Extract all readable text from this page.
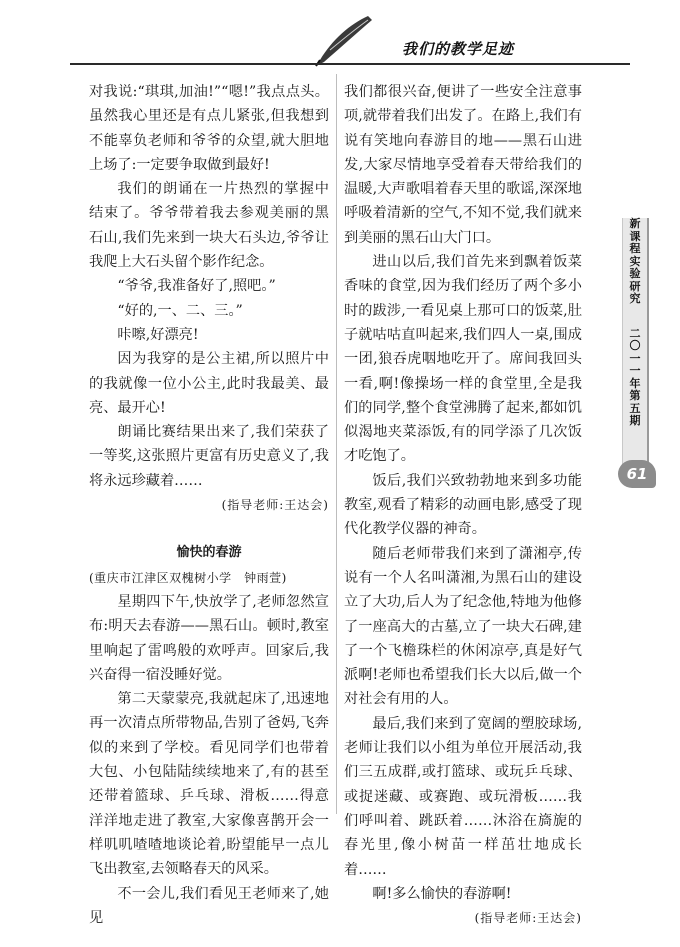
我们的教学足迹

对我说:“琪琪,加油!”“嗯!”我点点头。虽然我心里还是有点儿紧张,但我想到不能辜负老师和爷爷的众望,就大胆地上场了:一定要争取做到最好!

我们的朗诵在一片热烈的掌握中结束了。爷爷带着我去参观美丽的黑石山,我们先来到一块大石头边,爷爷让我爬上大石头留个影作纪念。

“爷爷,我准备好了,照吧。”

“好的,一、二、三。”

咔嚓,好漂亮!

因为我穿的是公主裙,所以照片中的我就像一位小公主,此时我最美、最亮、最开心!

朗诵比赛结果出来了,我们荣获了一等奖,这张照片更富有历史意义了,我将永远珍藏着……

(指导老师:王达会)

愉快的春游

(重庆市江津区双槐树小学　钟雨萱)

星期四下午,快放学了,老师忽然宣布:明天去春游——黑石山。顿时,教室里响起了雷鸣般的欢呼声。回家后,我兴奋得一宿没睡好觉。

第二天蒙蒙亮,我就起床了,迅速地再一次清点所带物品,告别了爸妈,飞奔似的来到了学校。看见同学们也带着大包、小包陆陆续续地来了,有的甚至还带着篮球、乒乓球、滑板……得意洋洋地走进了教室,大家像喜鹊开会一样叽叽喳喳地谈论着,盼望能早一点儿飞出教室,去领略春天的风采。

不一会儿,我们看见王老师来了,她见

我们都很兴奋,便讲了一些安全注意事项,就带着我们出发了。在路上,我们有说有笑地向春游目的地——黑石山进发,大家尽情地享受着春天带给我们的温暖,大声歌唱着春天里的歌谣,深深地呼吸着清新的空气,不知不觉,我们就来到美丽的黑石山大门口。

进山以后,我们首先来到飘着饭菜香味的食堂,因为我们经历了两个多小时的跋涉,一看见桌上那可口的饭菜,肚子就咕咕直叫起来,我们四人一桌,围成一团,狼吞虎咽地吃开了。席间我回头一看,啊!像操场一样的食堂里,全是我们的同学,整个食堂沸腾了起来,都如饥似渴地夹菜添饭,有的同学添了几次饭才吃饱了。

饭后,我们兴致勃勃地来到多功能教室,观看了精彩的动画电影,感受了现代化教学仪器的神奇。

随后老师带我们来到了潇湘亭,传说有一个人名叫潇湘,为黑石山的建设立了大功,后人为了纪念他,特地为他修了一座高大的古墓,立了一块大石碑,建了一个飞檐珠栏的休闲凉亭,真是好气派啊!老师也希望我们长大以后,做一个对社会有用的人。

最后,我们来到了宽阔的塑胶球场,老师让我们以小组为单位开展活动,我们三五成群,或打篮球、或玩乒乓球、或捉迷藏、或赛跑、或玩滑板……我们呼叫着、跳跃着……沐浴在旖旎的春光里,像小树苗一样茁壮地成长着……

啊!多么愉快的春游啊!

(指导老师:王达会)

新
课
程
实
验
研
究
二
〇
一
一
年
第
五
期
61
